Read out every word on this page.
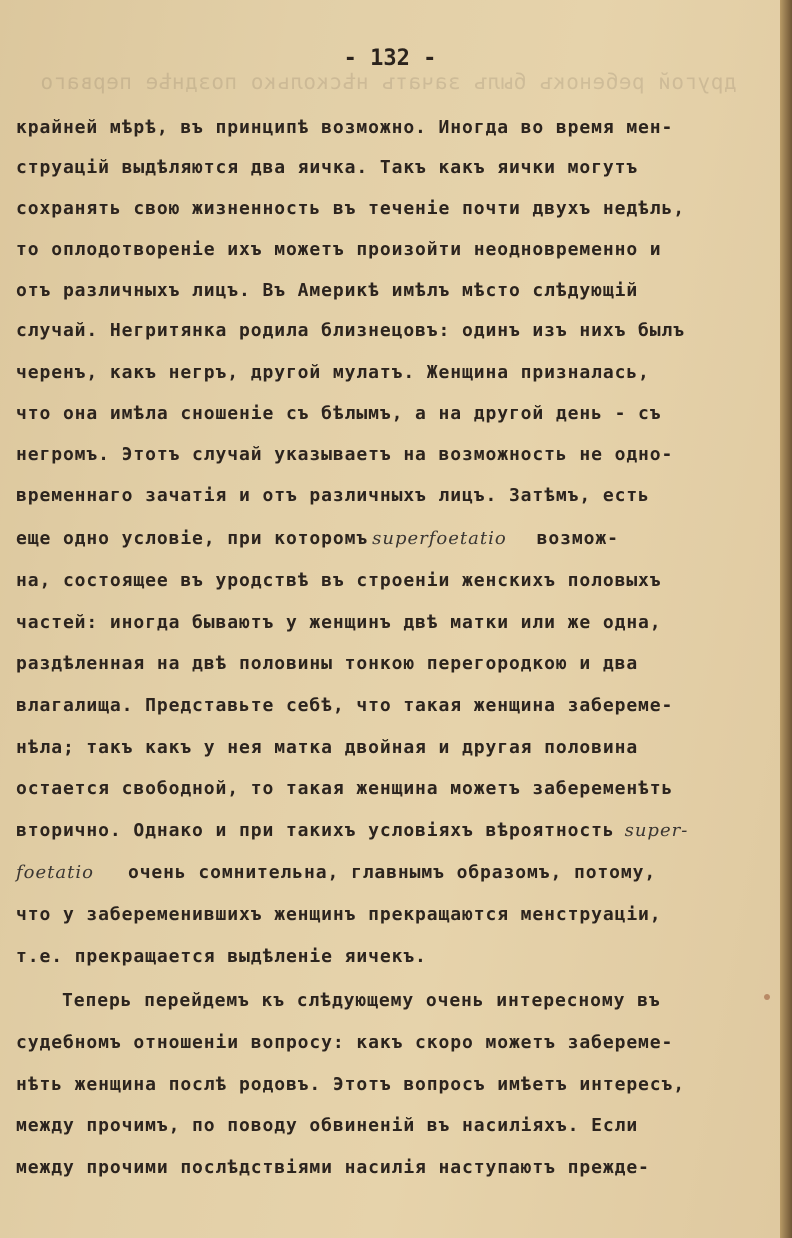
другой ребенокъ былъ зачатъ нѣсколько позднѣе перваго
- 132 -

крайней мѣрѣ, въ принципѣ возможно. Иногда во время мен-

струацій выдѣляются два яичка. Такъ какъ яички могутъ

сохранять свою жизненность въ теченіе почти двухъ недѣль,

то оплодотвореніе ихъ можетъ произойти неодновременно и

отъ различныхъ лицъ. Въ Америкѣ имѣлъ мѣсто слѣдующій

случай. Негритянка родила близнецовъ: одинъ изъ нихъ былъ

черенъ, какъ негръ, другой мулатъ. Женщина призналась,

что она имѣла сношеніе съ бѣлымъ, а на другой день - съ

негромъ. Этотъ случай указываетъ на возможность не одно-

временнаго зачатія и отъ различныхъ лицъ. Затѣмъ, есть

еще одно условіе, при которомъ superfoetatio возмож-

на, состоящее въ уродствѣ въ строеніи женскихъ половыхъ

частей: иногда бываютъ у женщинъ двѣ матки или же одна,

раздѣленная на двѣ половины тонкою перегородкою и два

влагалища. Представьте себѣ, что такая женщина забереме-

нѣла; такъ какъ у нея матка двойная и другая половина

остается свободной, то такая женщина можетъ забеременѣть

вторично. Однако и при такихъ условіяхъ вѣроятность super-

foetatio очень сомнительна, главнымъ образомъ, потому,

что у забеременившихъ женщинъ прекращаются менструаціи,

т.е. прекращается выдѣленіе яичекъ.

Теперь перейдемъ къ слѣдующему очень интересному въ

судебномъ отношеніи вопросу: какъ скоро можетъ забереме-

нѣть женщина послѣ родовъ. Этотъ вопросъ имѣетъ интересъ,

между прочимъ, по поводу обвиненій въ насиліяхъ. Если

между прочими послѣдствіями насилія наступаютъ прежде-
